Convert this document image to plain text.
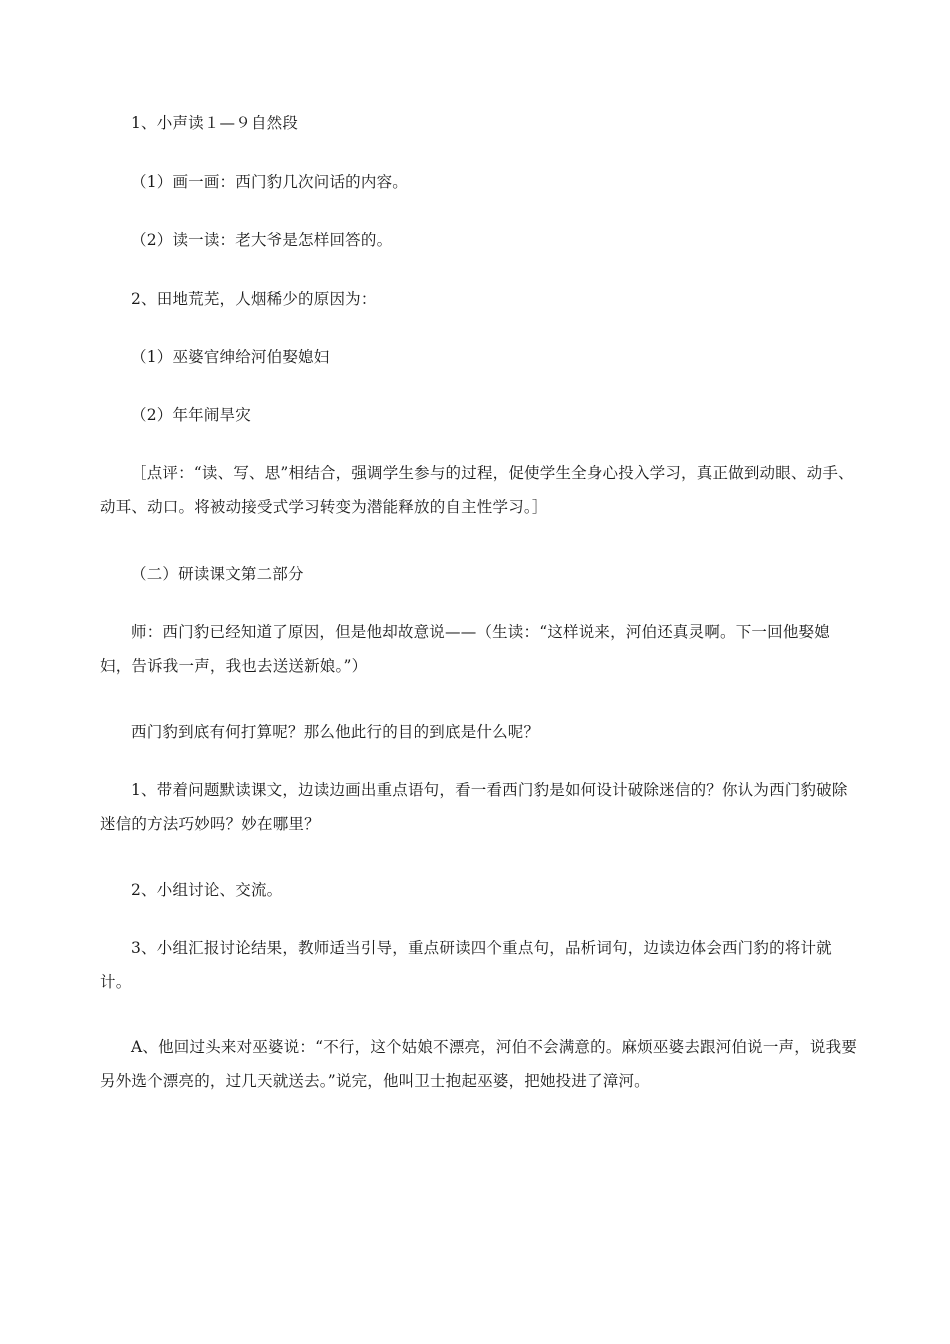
1、小声读１—９自然段

（1）画一画：西门豹几次问话的内容。

（2）读一读：老大爷是怎样回答的。

2、田地荒芜，人烟稀少的原因为：

（1）巫婆官绅给河伯娶媳妇

（2）年年闹旱灾

［点评：“读、写、思”相结合，强调学生参与的过程，促使学生全身心投入学习，真正做到动眼、动手、动耳、动口。将被动接受式学习转变为潜能释放的自主性学习。］

（二）研读课文第二部分

师：西门豹已经知道了原因，但是他却故意说——（生读：“这样说来，河伯还真灵啊。下一回他娶媳妇，告诉我一声，我也去送送新娘。”）

西门豹到底有何打算呢？那么他此行的目的到底是什么呢？

1、带着问题默读课文，边读边画出重点语句，看一看西门豹是如何设计破除迷信的？你认为西门豹破除迷信的方法巧妙吗？妙在哪里？

2、小组讨论、交流。

3、小组汇报讨论结果，教师适当引导，重点研读四个重点句，品析词句，边读边体会西门豹的将计就计。

A、他回过头来对巫婆说：“不行，这个姑娘不漂亮，河伯不会满意的。麻烦巫婆去跟河伯说一声，说我要另外选个漂亮的，过几天就送去。”说完，他叫卫士抱起巫婆，把她投进了漳河。
